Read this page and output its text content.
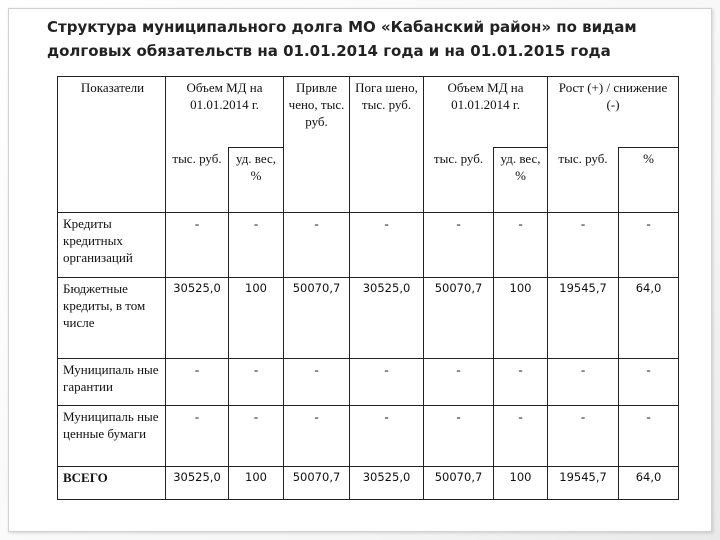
Структура муниципального долга МО «Кабанский район» по видам
долговых обязательств на 01.01.2014 года и на 01.01.2015 года
Показатели	Объем МД на 01.01.2014 г.		Привле чено, тыс. руб.	Пога шено, тыс. руб.	Объем МД на 01.01.2014 г.		Рост (+) / снижение (-)	
	тыс. руб.	уд. вес, %			тыс. руб.	уд. вес, %	тыс. руб.	%
Кредиты кредитных организаций	-	-	-	-	-	-	-	-
Бюджетные кредиты, в том числе	30525,0	100	50070,7	30525,0	50070,7	100	19545,7	64,0
Муниципаль ные гарантии	-	-	-	-	-	-	-	-
Муниципаль ные ценные бумаги	-	-	-	-	-	-	-	-
ВСЕГО	30525,0	100	50070,7	30525,0	50070,7	100	19545,7	64,0
